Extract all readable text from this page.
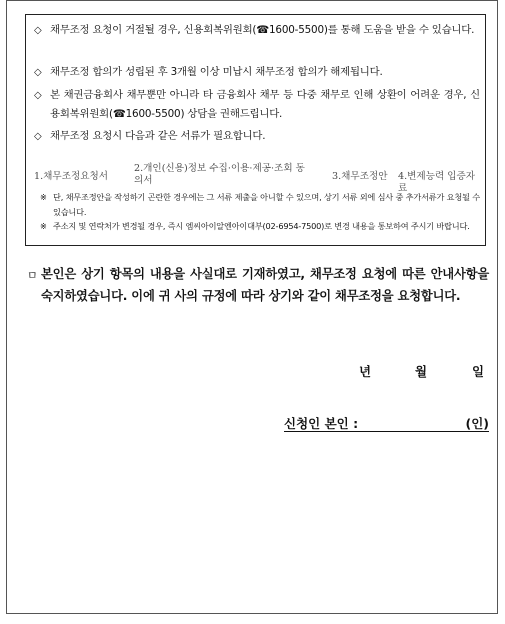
◇ 채무조정 요청이 거절될 경우, 신용회복위원회(☎1600-5500)를 통해 도움을 받을 수 있습니다.
◇ 채무조정 합의가 성립된 후 3개월 이상 미납시 채무조정 합의가 해제됩니다.
◇ 본 채권금융회사 채무뿐만 아니라 타 금융회사 채무 등 다중 채무로 인해 상환이 어려운 경우, 신용회복위원회(☎1600-5500) 상담을 권해드립니다.
◇ 채무조정 요청시 다음과 같은 서류가 필요합니다.
1.채무조정요청서
2.개인(신용)정보 수집·이용·제공·조회 동의서	3.채무조정안 4.변제능력 입증자료
※ 단, 채무조정안을 작성하기 곤란한 경우에는 그 서류 제출을 아니할 수 있으며, 상기 서류 외에 심사 중 추가서류가 요청될 수 있습니다.
※ 주소지 및 연락처가 변경될 경우, 즉시 엠씨아이알엔아이대부(02-6954-7500)로 변경 내용을 통보하여 주시기 바랍니다.
ㅁ 본인은 상기 항목의 내용을 사실대로 기재하였고, 채무조정 요청에 따른 안내사항을 숙지하였습니다. 이에 귀 사의 규정에 따라 상기와 같이 채무조정을 요청합니다.
년	월	일
신청인 본인 :	(인)
